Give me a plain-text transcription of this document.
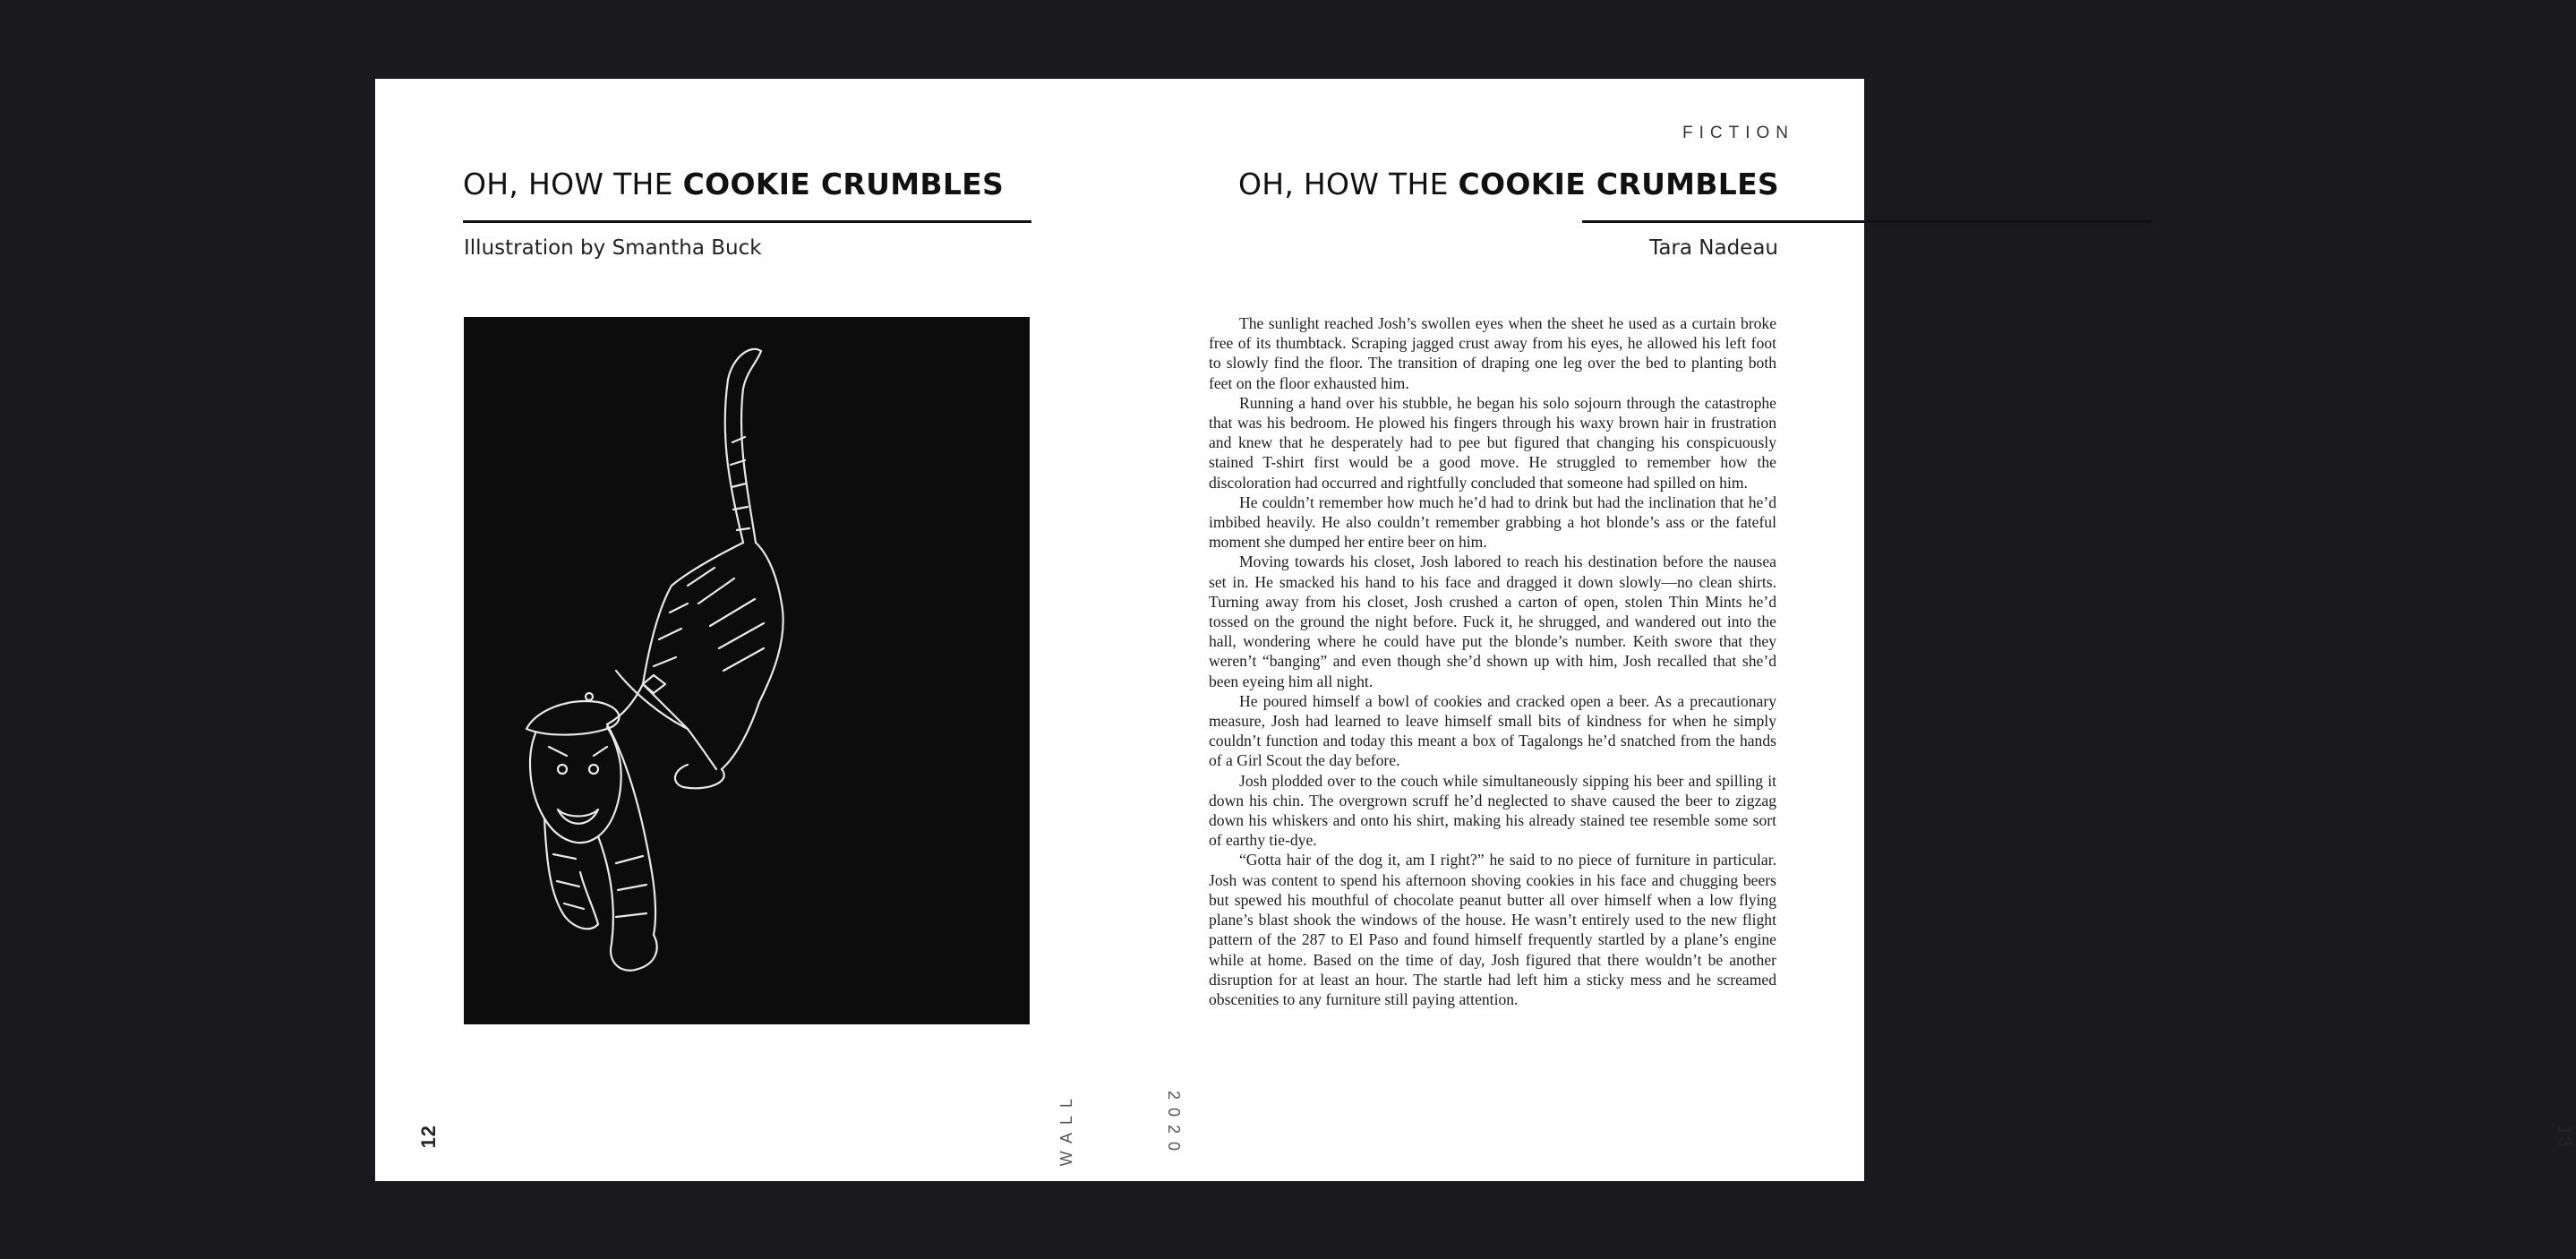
OH, HOW THE COOKIE CRUMBLES
Illustration by Smantha Buck
12	WALL
FICTION
OH, HOW THE COOKIE CRUMBLES
Tara Nadeau
13
2020

The sunlight reached Josh’s swollen eyes when the sheet he used as a curtain broke free of its thumbtack. Scraping jagged crust away from his eyes, he allowed his left foot to slowly find the floor. The transition of draping one leg over the bed to planting both feet on the floor exhausted him.

Running a hand over his stubble, he began his solo sojourn through the catastrophe that was his bedroom. He plowed his fingers through his waxy brown hair in frustration and knew that he desperately had to pee but figured that changing his conspicuously stained T-shirt first would be a good move. He struggled to remember how the discoloration had occurred and rightfully concluded that someone had spilled on him.

He couldn’t remember how much he’d had to drink but had the inclination that he’d imbibed heavily. He also couldn’t remember grabbing a hot blonde’s ass or the fateful moment she dumped her entire beer on him.

Moving towards his closet, Josh labored to reach his destination before the nausea set in. He smacked his hand to his face and dragged it down slowly—no clean shirts. Turning away from his closet, Josh crushed a carton of open, stolen Thin Mints he’d tossed on the ground the night before. Fuck it, he shrugged, and wandered out into the hall, wondering where he could have put the blonde’s number. Keith swore that they weren’t “banging” and even though she’d shown up with him, Josh recalled that she’d been eyeing him all night.

He poured himself a bowl of cookies and cracked open a beer. As a precautionary measure, Josh had learned to leave himself small bits of kindness for when he simply couldn’t function and today this meant a box of Tagalongs he’d snatched from the hands of a Girl Scout the day before.

Josh plodded over to the couch while simultaneously sipping his beer and spilling it down his chin. The overgrown scruff he’d neglected to shave caused the beer to zigzag down his whiskers and onto his shirt, making his already stained tee resemble some sort of earthy tie-dye.

“Gotta hair of the dog it, am I right?” he said to no piece of furniture in particular. Josh was content to spend his afternoon shoving cookies in his face and chugging beers but spewed his mouthful of chocolate peanut butter all over himself when a low flying plane’s blast shook the windows of the house. He wasn’t entirely used to the new flight pattern of the 287 to El Paso and found himself frequently startled by a plane’s engine while at home. Based on the time of day, Josh figured that there wouldn’t be another disruption for at least an hour. The startle had left him a sticky mess and he screamed obscenities to any furniture still paying attention.
